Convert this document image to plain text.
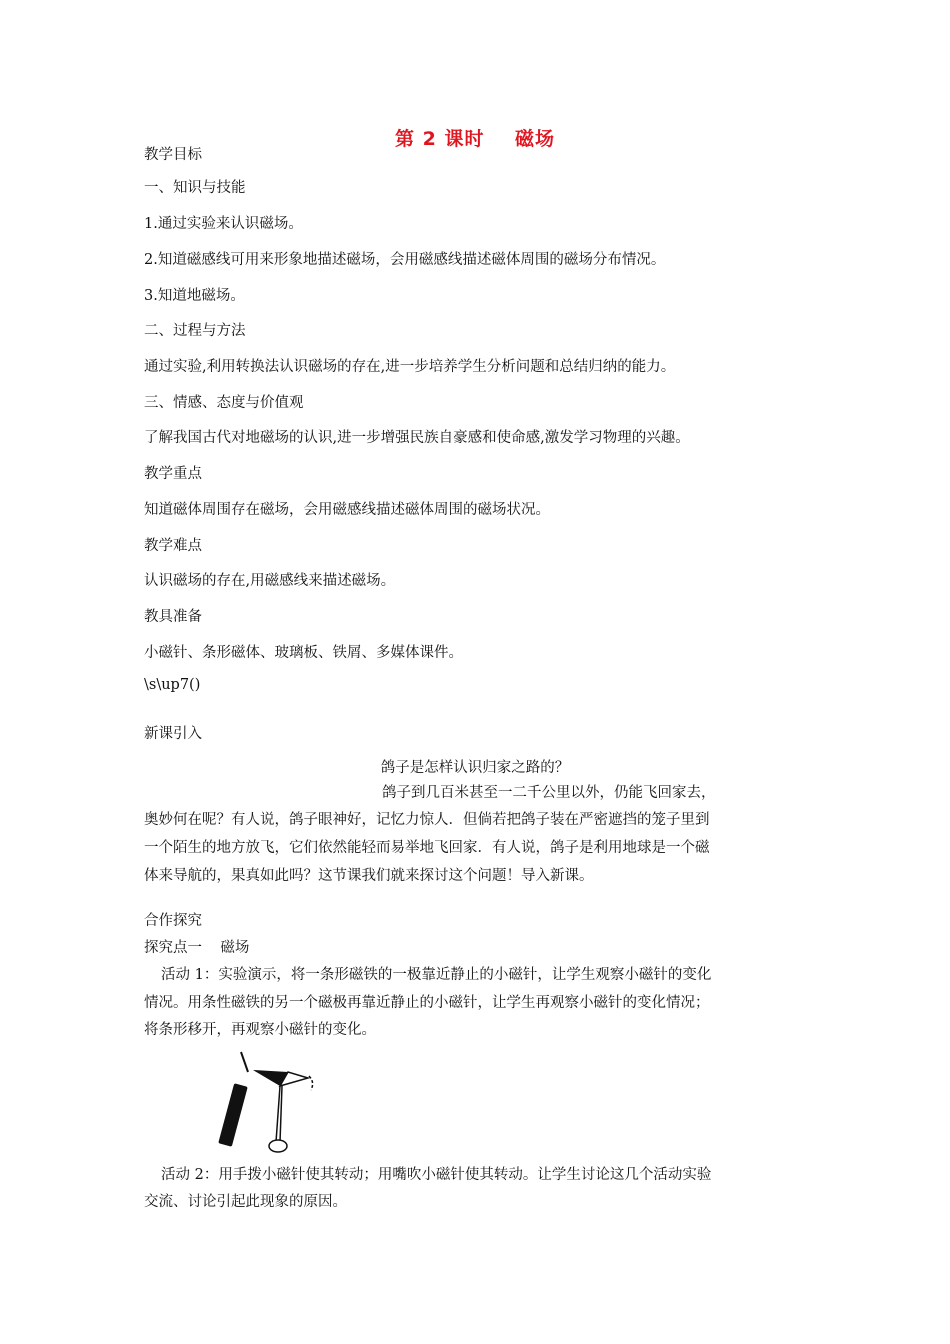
第 2 课时    磁场
教学目标
一、知识与技能
1.通过实验来认识磁场。
2.知道磁感线可用来形象地描述磁场，会用磁感线描述磁体周围的磁场分布情况。
3.知道地磁场。
二、过程与方法
通过实验,利用转换法认识磁场的存在,进一步培养学生分析问题和总结归纳的能力。
三、情感、态度与价值观
了解我国古代对地磁场的认识,进一步增强民族自豪感和使命感,激发学习物理的兴趣。
教学重点
知道磁体周围存在磁场，会用磁感线描述磁体周围的磁场状况。
教学难点
认识磁场的存在,用磁感线来描述磁场。
教具准备
小磁针、条形磁体、玻璃板、铁屑、多媒体课件。
\s\up7()
新课引入
鸽子是怎样认识归家之路的？
鸽子到几百米甚至一二千公里以外，仍能飞回家去，
奥妙何在呢？有人说，鸽子眼神好，记忆力惊人．但倘若把鸽子装在严密遮挡的笼子里到
一个陌生的地方放飞，它们依然能轻而易举地飞回家．有人说，鸽子是利用地球是一个磁
体来导航的，果真如此吗？这节课我们就来探讨这个问题！导入新课。
合作探究
探究点一    磁场
活动 1：实验演示，将一条形磁铁的一极靠近静止的小磁针，让学生观察小磁针的变化
情况。用条性磁铁的另一个磁极再靠近静止的小磁针，让学生再观察小磁针的变化情况；
将条形移开，再观察小磁针的变化。
活动 2：用手拨小磁针使其转动；用嘴吹小磁针使其转动。让学生讨论这几个活动实验
交流、讨论引起此现象的原因。
